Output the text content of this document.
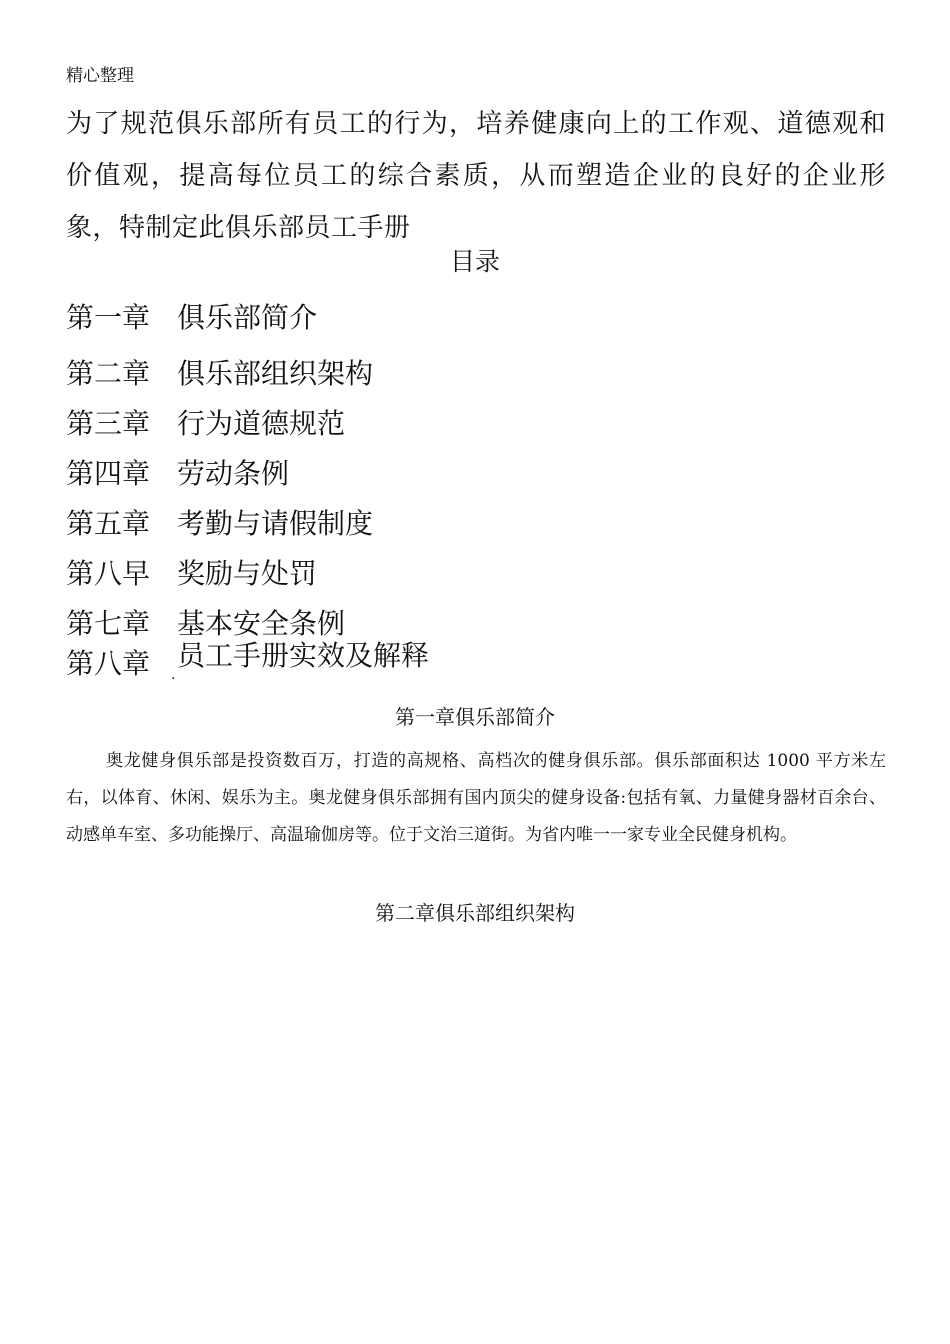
精心整理
为了规范俱乐部所有员工的行为，培养健康向上的工作观、道德观和价值观，提高每位员工的综合素质，从而塑造企业的良好的企业形象，特制定此俱乐部员工手册
目录
第一章 俱乐部简介
第二章 俱乐部组织架构
第三章 行为道德规范
第四章 劳动条例
第五章 考勤与请假制度
第八早 奖励与处罚
第七章 基本安全条例
第八章 员工手册实效及解释
.
第一章俱乐部简介
奥龙健身俱乐部是投资数百万，打造的高规格、高档次的健身俱乐部。俱乐部面积达 1000 平方米左右，以体育、休闲、娱乐为主。奥龙健身俱乐部拥有国内顶尖的健身设备:包括有氧、力量健身器材百余台、动感单车室、多功能操厅、高温瑜伽房等。位于文治三道街。为省内唯一一家专业全民健身机构。
第二章俱乐部组织架构
